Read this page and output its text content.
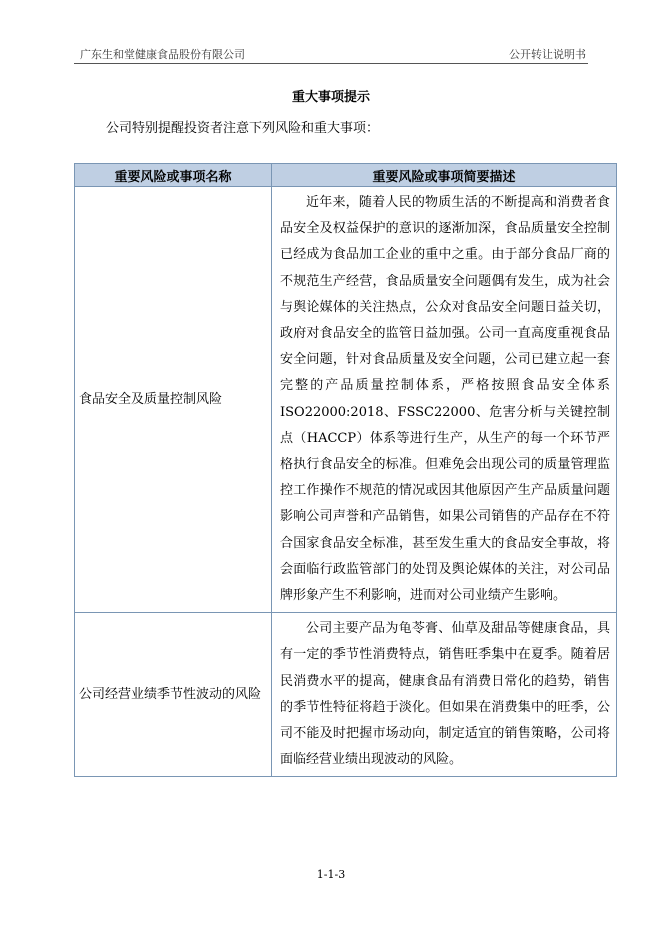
广东生和堂健康食品股份有限公司	公开转让说明书
重大事项提示
公司特别提醒投资者注意下列风险和重大事项：
重要风险或事项名称	重要风险或事项简要描述
食品安全及质量控制风险	近年来，随着人民的物质生活的不断提高和消费者食品安全及权益保护的意识的逐渐加深，食品质量安全控制已经成为食品加工企业的重中之重。由于部分食品厂商的不规范生产经营，食品质量安全问题偶有发生，成为社会与舆论媒体的关注热点，公众对食品安全问题日益关切，政府对食品安全的监管日益加强。公司一直高度重视食品安全问题，针对食品质量及安全问题，公司已建立起一套完整的产品质量控制体系，严格按照食品安全体系 ISO22000:2018、FSSC22000、危害分析与关键控制点（HACCP）体系等进行生产，从生产的每一个环节严格执行食品安全的标准。但难免会出现公司的质量管理监控工作操作不规范的情况或因其他原因产生产品质量问题影响公司声誉和产品销售，如果公司销售的产品存在不符合国家食品安全标准，甚至发生重大的食品安全事故，将会面临行政监管部门的处罚及舆论媒体的关注，对公司品牌形象产生不利影响，进而对公司业绩产生影响。

公司经营业绩季节性波动的风险	公司主要产品为龟苓膏、仙草及甜品等健康食品，具有一定的季节性消费特点，销售旺季集中在夏季。随着居民消费水平的提高，健康食品有消费日常化的趋势，销售的季节性特征将趋于淡化。但如果在消费集中的旺季，公司不能及时把握市场动向，制定适宜的销售策略，公司将面临经营业绩出现波动的风险。

1-1-3
